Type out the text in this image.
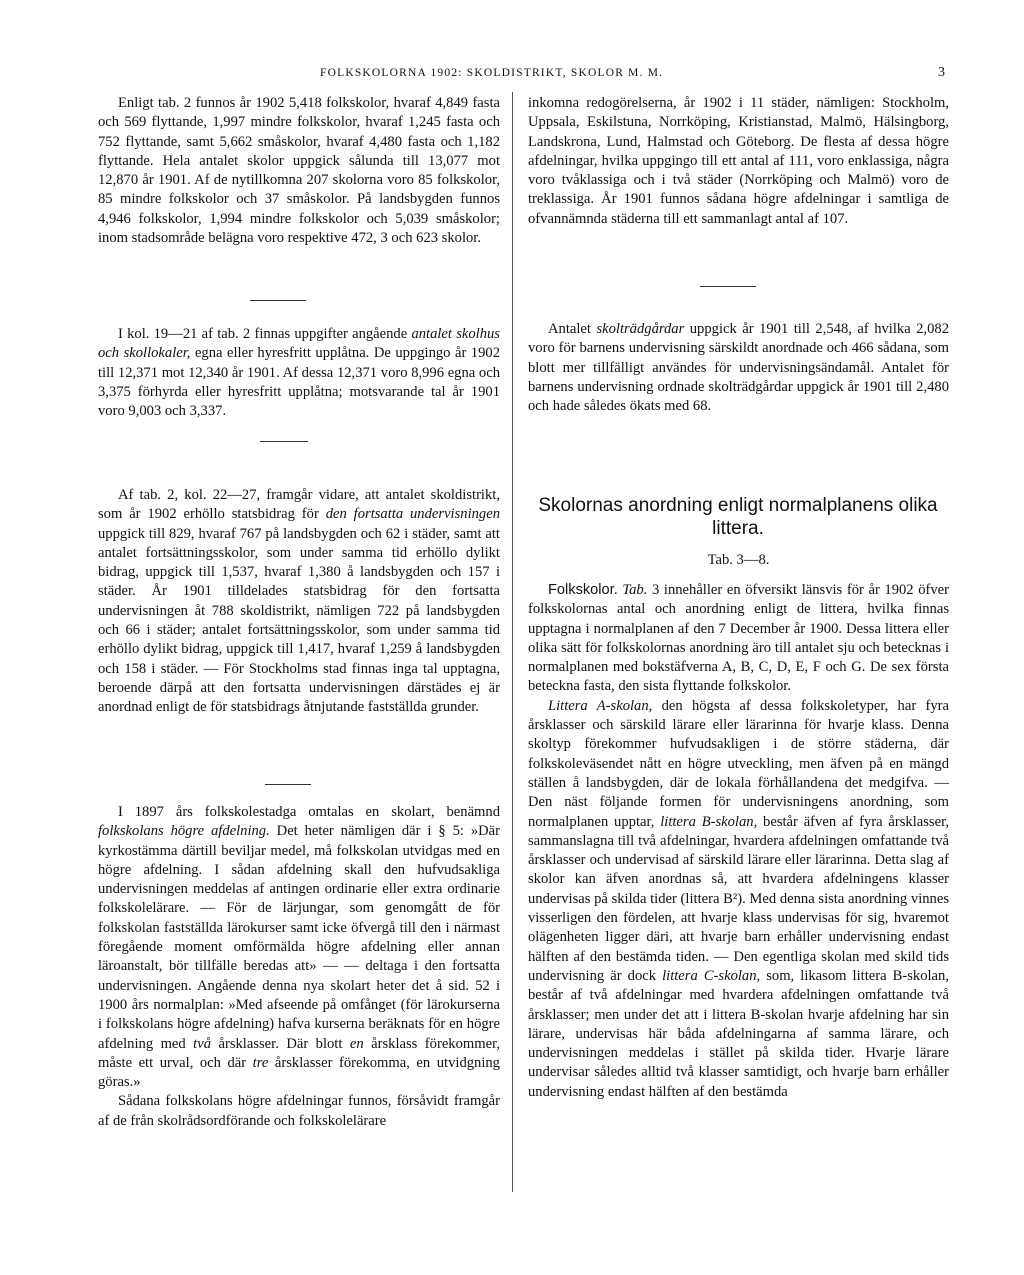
FOLKSKOLORNA 1902: SKOLDISTRIKT, SKOLOR M. M.	3

Enligt tab. 2 funnos år 1902 5,418 folkskolor, hvaraf 4,849 fasta och 569 flyttande, 1,997 mindre folkskolor, hvaraf 1,245 fasta och 752 flyttande, samt 5,662 småskolor, hvaraf 4,480 fasta och 1,182 flyttande. Hela antalet skolor uppgick sålunda till 13,077 mot 12,870 år 1901. Af de nytillkomna 207 skolorna voro 85 folkskolor, 85 mindre folkskolor och 37 småskolor. På landsbygden funnos 4,946 folkskolor, 1,994 mindre folkskolor och 5,039 småskolor; inom stadsområde belägna voro respektive 472, 3 och 623 skolor.

I kol. 19—21 af tab. 2 finnas uppgifter angående antalet skolhus och skollokaler, egna eller hyresfritt upplåtna. De uppgingo år 1902 till 12,371 mot 12,340 år 1901. Af dessa 12,371 voro 8,996 egna och 3,375 förhyrda eller hyresfritt upplåtna; motsvarande tal år 1901 voro 9,003 och 3,337.

Af tab. 2, kol. 22—27, framgår vidare, att antalet skoldistrikt, som år 1902 erhöllo statsbidrag för den fortsatta undervisningen uppgick till 829, hvaraf 767 på landsbygden och 62 i städer, samt att antalet fortsättningsskolor, som under samma tid erhöllo dylikt bidrag, uppgick till 1,537, hvaraf 1,380 å landsbygden och 157 i städer. År 1901 tilldelades statsbidrag för den fortsatta undervisningen åt 788 skoldistrikt, nämligen 722 på landsbygden och 66 i städer; antalet fortsättningsskolor, som under samma tid erhöllo dylikt bidrag, uppgick till 1,417, hvaraf 1,259 å landsbygden och 158 i städer. — För Stockholms stad finnas inga tal upptagna, beroende därpå att den fortsatta undervisningen därstädes ej är anordnad enligt de för statsbidrags åtnjutande fastställda grunder.

I 1897 års folkskolestadga omtalas en skolart, benämnd folkskolans högre afdelning. Det heter nämligen där i § 5: »Där kyrkostämma därtill beviljar medel, må folkskolan utvidgas med en högre afdelning. I sådan afdelning skall den hufvudsakliga undervisningen meddelas af antingen ordinarie eller extra ordinarie folkskolelärare. — För de lärjungar, som genomgått de för folkskolan fastställda lärokurser samt icke öfvergå till den i närmast föregående moment omförmälda högre afdelning eller annan läroanstalt, bör tillfälle beredas att» — — deltaga i den fortsatta undervisningen. Angående denna nya skolart heter det å sid. 52 i 1900 års normalplan: »Med afseende på omfånget (för lärokurserna i folkskolans högre afdelning) hafva kurserna beräknats för en högre afdelning med två årsklasser. Där blott en årsklass förekommer, måste ett urval, och där tre årsklasser förekomma, en utvidgning göras.»

Sådana folkskolans högre afdelningar funnos, försåvidt framgår af de från skolrådsordförande och folkskolelärare

inkomna redogörelserna, år 1902 i 11 städer, nämligen: Stockholm, Uppsala, Eskilstuna, Norrköping, Kristianstad, Malmö, Hälsingborg, Landskrona, Lund, Halmstad och Göteborg. De flesta af dessa högre afdelningar, hvilka uppgingo till ett antal af 111, voro enklassiga, några voro tvåklassiga och i två städer (Norrköping och Malmö) voro de treklassiga. År 1901 funnos sådana högre afdelningar i samtliga de ofvannämnda städerna till ett sammanlagt antal af 107.

Antalet skolträdgårdar uppgick år 1901 till 2,548, af hvilka 2,082 voro för barnens undervisning särskildt anordnade och 466 sådana, som blott mer tillfälligt användes för undervisningsändamål. Antalet för barnens undervisning ordnade skolträdgårdar uppgick år 1901 till 2,480 och hade således ökats med 68.

Skolornas anordning enligt normalplanens olika littera.
Tab. 3—8.

Folkskolor. Tab. 3 innehåller en öfversikt länsvis för år 1902 öfver folkskolornas antal och anordning enligt de littera, hvilka finnas upptagna i normalplanen af den 7 December år 1900. Dessa littera eller olika sätt för folkskolornas anordning äro till antalet sju och betecknas i normalplanen med bokstäfverna A, B, C, D, E, F och G. De sex första beteckna fasta, den sista flyttande folkskolor.

Littera A-skolan, den högsta af dessa folkskoletyper, har fyra årsklasser och särskild lärare eller lärarinna för hvarje klass. Denna skoltyp förekommer hufvudsakligen i de större städerna, där folkskoleväsendet nått en högre utveckling, men äfven på en mängd ställen å landsbygden, där de lokala förhållandena det medgifva. — Den näst följande formen för undervisningens anordning, som normalplanen upptar, littera B-skolan, består äfven af fyra årsklasser, sammanslagna till två afdelningar, hvardera afdelningen omfattande två årsklasser och undervisad af särskild lärare eller lärarinna. Detta slag af skolor kan äfven anordnas så, att hvardera afdelningens klasser undervisas på skilda tider (littera B²). Med denna sista anordning vinnes visserligen den fördelen, att hvarje klass undervisas för sig, hvaremot olägenheten ligger däri, att hvarje barn erhåller undervisning endast hälften af den bestämda tiden. — Den egentliga skolan med skild tids undervisning är dock littera C-skolan, som, likasom littera B-skolan, består af två afdelningar med hvardera afdelningen omfattande två årsklasser; men under det att i littera B-skolan hvarje afdelning har sin lärare, undervisas här båda afdelningarna af samma lärare, och undervisningen meddelas i stället på skilda tider. Hvarje lärare undervisar således alltid två klasser samtidigt, och hvarje barn erhåller undervisning endast hälften af den bestämda
